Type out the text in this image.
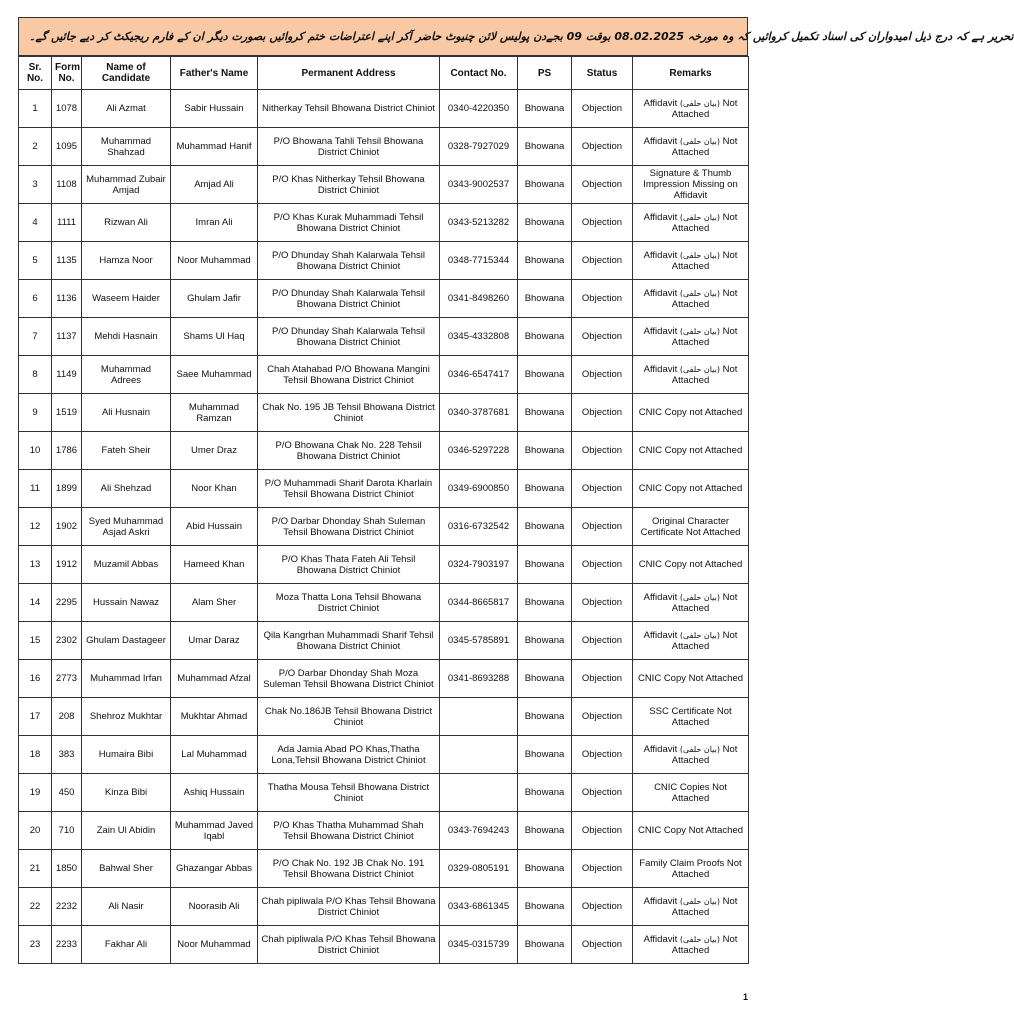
تحریر ہے کہ درج ذیل امیدواران کی اسناد تکمیل کروائیں کہ وہ مورخہ 08.02.2025 بوقت 09 بجےدن پولیس لائن چنیوٹ حاضر آکر اپنے اعتراضات ختم کروائیں بصورت دیگر ان کے فارم ریجیکٹ کر دیے جائیں گے۔
Sr. No.	Form No.	Name of Candidate	Father's Name	Permanent Address	Contact No.	PS	Status	Remarks
1	1078	Ali Azmat	Sabir Hussain	Nitherkay Tehsil Bhowana District Chiniot	0340-4220350	Bhowana	Objection	Affidavit (بیان حلفی) Not Attached
2	1095	Muhammad Shahzad	Muhammad Hanif	P/O Bhowana Tahli Tehsil Bhowana District Chiniot	0328-7927029	Bhowana	Objection	Affidavit (بیان حلفی) Not Attached
3	1108	Muhammad Zubair Amjad	Amjad Ali	P/O Khas Nitherkay Tehsil Bhowana District Chiniot	0343-9002537	Bhowana	Objection	Signature & Thumb Impression Missing on Affidavit
4	1111	Rizwan Ali	Imran Ali	P/O Khas Kurak Muhammadi Tehsil Bhowana District Chiniot	0343-5213282	Bhowana	Objection	Affidavit (بیان حلفی) Not Attached
5	1135	Hamza Noor	Noor Muhammad	P/O Dhunday Shah Kalarwala Tehsil Bhowana District Chiniot	0348-7715344	Bhowana	Objection	Affidavit (بیان حلفی) Not Attached
6	1136	Waseem Haider	Ghulam Jafir	P/O Dhunday Shah Kalarwala Tehsil Bhowana District Chiniot	0341-8498260	Bhowana	Objection	Affidavit (بیان حلفی) Not Attached
7	1137	Mehdi Hasnain	Shams Ul Haq	P/O Dhunday Shah Kalarwala Tehsil Bhowana District Chiniot	0345-4332808	Bhowana	Objection	Affidavit (بیان حلفی) Not Attached
8	1149	Muhammad Adrees	Saee Muhammad	Chah Atahabad P/O Bhowana Mangini Tehsil Bhowana District Chiniot	0346-6547417	Bhowana	Objection	Affidavit (بیان حلفی) Not Attached
9	1519	Ali Husnain	Muhammad Ramzan	Chak No. 195 JB Tehsil Bhowana District Chiniot	0340-3787681	Bhowana	Objection	CNIC Copy not Attached
10	1786	Fateh Sheir	Umer Draz	P/O Bhowana Chak No. 228 Tehsil Bhowana District Chiniot	0346-5297228	Bhowana	Objection	CNIC Copy not Attached
11	1899	Ali Shehzad	Noor Khan	P/O Muhammadi Sharif Darota Kharlain Tehsil Bhowana District Chiniot	0349-6900850	Bhowana	Objection	CNIC Copy not Attached
12	1902	Syed Muhammad Asjad Askri	Abid Hussain	P/O Darbar Dhonday Shah Suleman Tehsil Bhowana District Chiniot	0316-6732542	Bhowana	Objection	Original Character Certificate Not Attached
13	1912	Muzamil Abbas	Hameed Khan	P/O Khas Thata Fateh Ali Tehsil Bhowana District Chiniot	0324-7903197	Bhowana	Objection	CNIC Copy not Attached
14	2295	Hussain Nawaz	Alam Sher	Moza Thatta Lona Tehsil Bhowana District Chiniot	0344-8665817	Bhowana	Objection	Affidavit (بیان حلفی) Not Attached
15	2302	Ghulam Dastageer	Umar Daraz	Qila Kangrhan Muhammadi Sharif Tehsil Bhowana District Chiniot	0345-5785891	Bhowana	Objection	Affidavit (بیان حلفی) Not Attached
16	2773	Muhammad Irfan	Muhammad Afzal	P/O Darbar Dhonday Shah Moza Suleman Tehsil Bhowana District Chiniot	0341-8693288	Bhowana	Objection	CNIC Copy Not Attached
17	208	Shehroz Mukhtar	Mukhtar Ahmad	Chak No.186JB Tehsil Bhowana District Chiniot		Bhowana	Objection	SSC Certificate Not Attached
18	383	Humaira Bibi	Lal Muhammad	Ada Jamia Abad PO Khas,Thatha Lona,Tehsil Bhowana District Chiniot		Bhowana	Objection	Affidavit (بیان حلفی) Not Attached
19	450	Kinza Bibi	Ashiq Hussain	Thatha Mousa Tehsil Bhowana District Chiniot		Bhowana	Objection	CNIC Copies Not Attached
20	710	Zain Ul Abidin	Muhammad Javed Iqabl	P/O Khas Thatha Muhammad Shah Tehsil Bhowana District Chiniot	0343-7694243	Bhowana	Objection	CNIC Copy Not Attached
21	1850	Bahwal Sher	Ghazangar Abbas	P/O Chak No. 192 JB Chak No. 191 Tehsil Bhowana District Chiniot	0329-0805191	Bhowana	Objection	Family Claim Proofs Not Attached
22	2232	Ali Nasir	Noorasib Ali	Chah pipliwala P/O Khas Tehsil Bhowana District Chiniot	0343-6861345	Bhowana	Objection	Affidavit (بیان حلفی) Not Attached
23	2233	Fakhar Ali	Noor Muhammad	Chah pipliwala P/O Khas Tehsil Bhowana District Chiniot	0345-0315739	Bhowana	Objection	Affidavit (بیان حلفی) Not Attached
1
